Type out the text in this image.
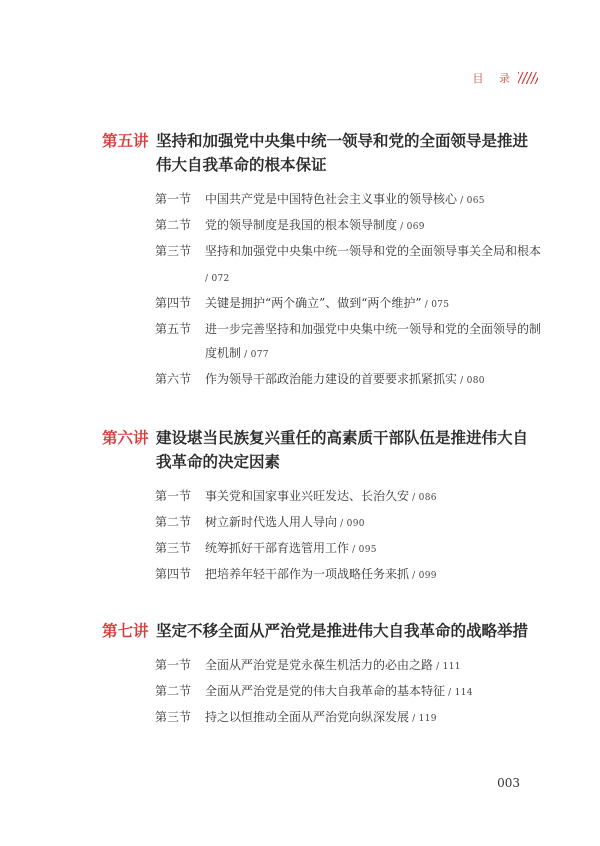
目 录
第五讲 坚持和加强党中央集中统一领导和党的全面领导是推进伟大自我革命的根本保证
第一节 中国共产党是中国特色社会主义事业的领导核心 / 065
第二节 党的领导制度是我国的根本领导制度 / 069
第三节 坚持和加强党中央集中统一领导和党的全面领导事关全局和根本 / 072
第四节 关键是拥护“两个确立”、做到“两个维护” / 075
第五节 进一步完善坚持和加强党中央集中统一领导和党的全面领导的制度机制 / 077
第六节 作为领导干部政治能力建设的首要要求抓紧抓实 / 080
第六讲 建设堪当民族复兴重任的高素质干部队伍是推进伟大自我革命的决定因素
第一节 事关党和国家事业兴旺发达、长治久安 / 086
第二节 树立新时代选人用人导向 / 090
第三节 统筹抓好干部育选管用工作 / 095
第四节 把培养年轻干部作为一项战略任务来抓 / 099
第七讲 坚定不移全面从严治党是推进伟大自我革命的战略举措
第一节 全面从严治党是党永葆生机活力的必由之路 / 111
第二节 全面从严治党是党的伟大自我革命的基本特征 / 114
第三节 持之以恒推动全面从严治党向纵深发展 / 119
003
